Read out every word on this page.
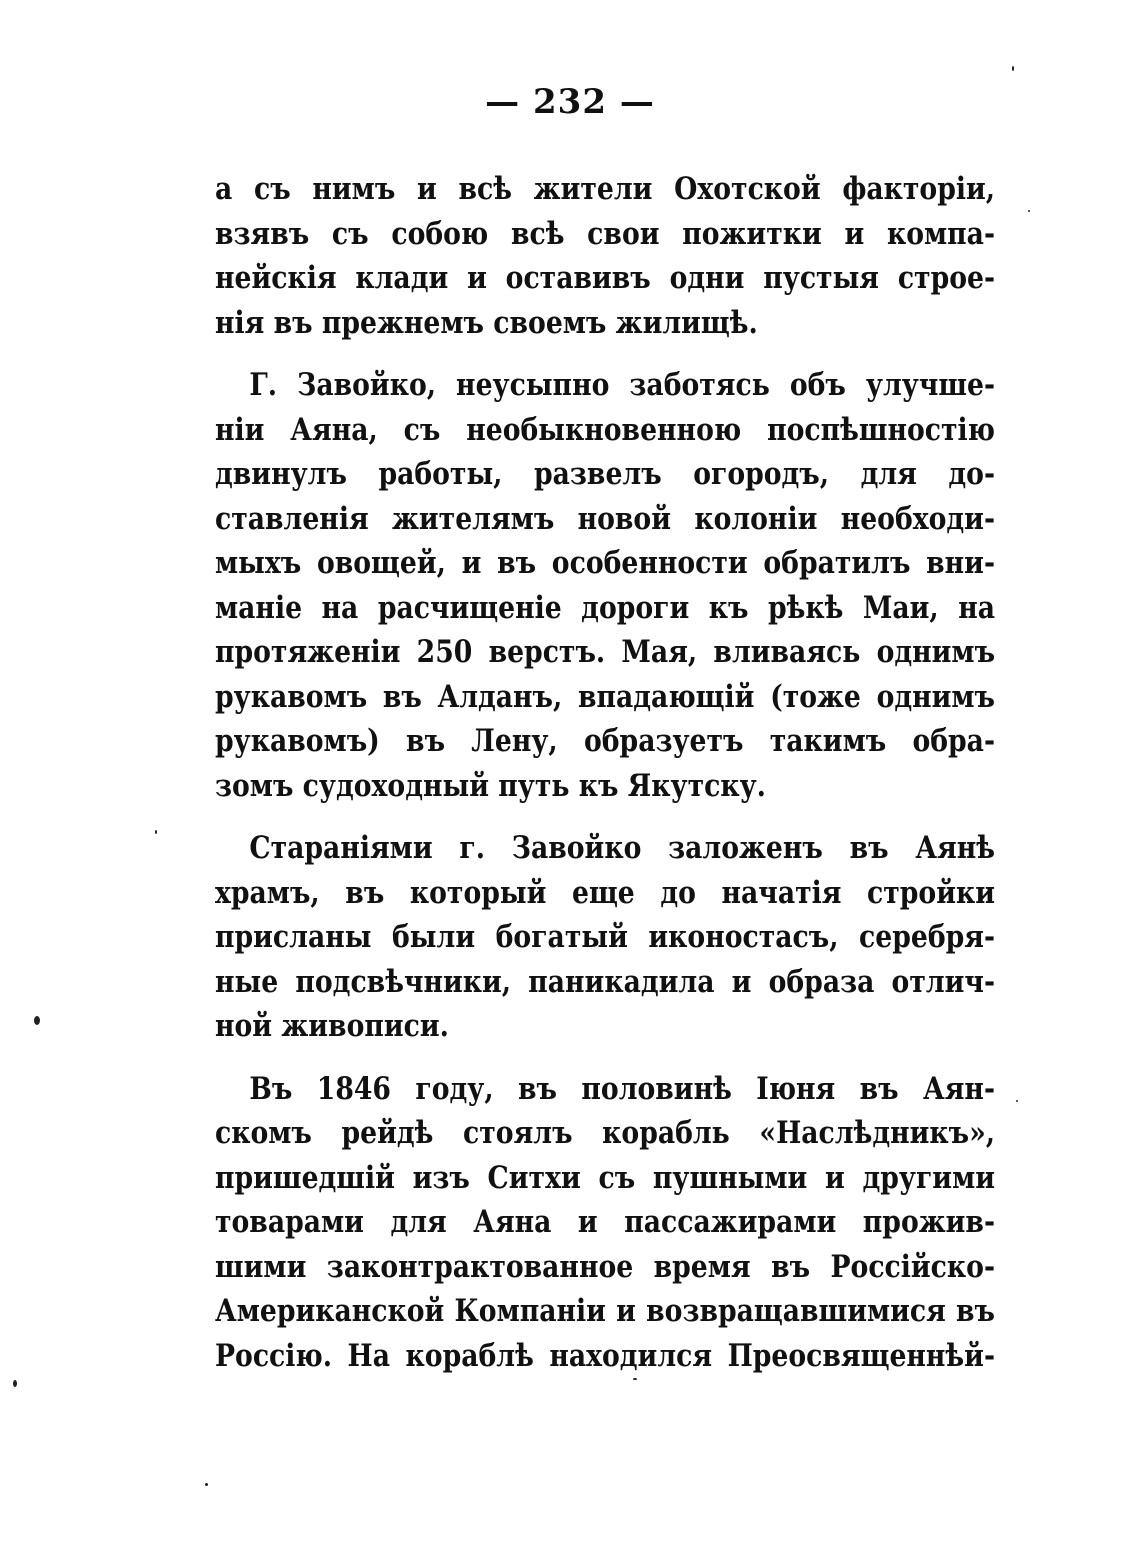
— 232 —
а съ нимъ и всѣ жители Охотской факторіи,
взявъ съ собою всѣ свои пожитки и компа-
нейскія клади и оставивъ одни пустыя строе-
нія въ прежнемъ своемъ жилищѣ.
Г. Завойко, неусыпно заботясь объ улучше-
ніи Аяна, съ необыкновенною поспѣшностію
двинулъ работы, развелъ огородъ, для до-
ставленія жителямъ новой колоніи необходи-
мыхъ овощей, и въ особенности обратилъ вни-
маніе на расчищеніе дороги къ рѣкѣ Маи, на
протяженіи 250 верстъ. Мая, вливаясь однимъ
рукавомъ въ Алданъ, впадающій (тоже однимъ
рукавомъ) въ Лену, образуетъ такимъ обра-
зомъ судоходный путь къ Якутску.
Стараніями г. Завойко заложенъ въ Аянѣ
храмъ, въ который еще до начатія стройки
присланы были богатый иконостасъ, серебря-
ные подсвѣчники, паникадила и образа отлич-
ной живописи.
Въ 1846 году, въ половинѣ Іюня въ Аян-
скомъ рейдѣ стоялъ корабль «Наслѣдникъ»,
пришедшій изъ Ситхи съ пушными и другими
товарами для Аяна и пассажирами прожив-
шими законтрактованное время въ Россійско-
Американской Компаніи и возвращавшимися въ
Россію. На кораблѣ находился Преосвященнѣй-
